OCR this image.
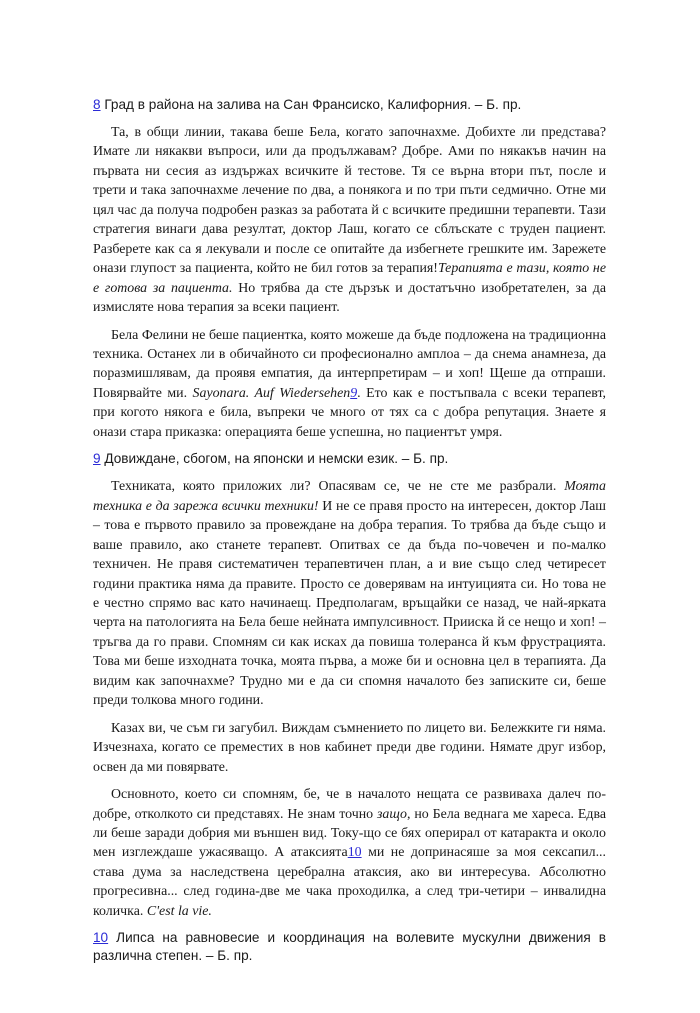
8 Град в района на залива на Сан Франсиско, Калифорния. – Б. пр.

Та, в общи линии, такава беше Бела, когато започнахме. Добихте ли представа? Имате ли някакви въпроси, или да продължавам? Добре. Ами по някакъв начин на първата ни сесия аз издържах всичките й тестове. Тя се върна втори път, после и трети и така започнахме лечение по два, а понякога и по три пъти седмично. Отне ми цял час да получа подробен разказ за работата й с всичките предишни терапевти. Тази стратегия винаги дава резултат, доктор Лаш, когато се сблъскате с труден пациент. Разберете как са я лекували и после се опитайте да избегнете грешките им. Зарежете онази глупост за пациента, който не бил готов за терапия!Терапията е тази, която не е готова за пациента. Но трябва да сте дързък и достатъчно изобретателен, за да измисляте нова терапия за всеки пациент.

Бела Фелини не беше пациентка, която можеше да бъде подложена на традиционна техника. Останех ли в обичайното си професионално амплоа – да снема анамнеза, да поразмишлявам, да проявя емпатия, да интерпретирам – и хоп! Щеше да отпраши. Повярвайте ми. Sayonara. Auf Wiedersehen9. Ето как е постъпвала с всеки терапевт, при когото някога е била, въпреки че много от тях са с добра репутация. Знаете я онази стара приказка: операцията беше успешна, но пациентът умря.

9 Довиждане, сбогом, на японски и немски език. – Б. пр.

Техниката, която приложих ли? Опасявам се, че не сте ме разбрали. Моята техника е да зарежа всички техники! И не се правя просто на интересен, доктор Лаш – това е първото правило за провеждане на добра терапия. То трябва да бъде също и ваше правило, ако станете терапевт. Опитвах се да бъда по-човечен и по-малко техничен. Не правя систематичен терапевтичен план, а и вие също след четиресет години практика няма да правите. Просто се доверявам на интуицията си. Но това не е честно спрямо вас като начинаещ. Предполагам, връщайки се назад, че най-ярката черта на патологията на Бела беше нейната импулсивност. Прииска й се нещо и хоп! – тръгва да го прави. Спомням си как исках да повиша толеранса й към фрустрацията. Това ми беше изходната точка, моята първа, а може би и основна цел в терапията. Да видим как започнахме? Трудно ми е да си спомня началото без записките си, беше преди толкова много години.

Казах ви, че съм ги загубил. Виждам съмнението по лицето ви. Бележките ги няма. Изчезнаха, когато се преместих в нов кабинет преди две години. Нямате друг избор, освен да ми повярвате.

Основното, което си спомням, бе, че в началото нещата се развиваха далеч по-добре, отколкото си представях. Не знам точно защо, но Бела веднага ме хареса. Едва ли беше заради добрия ми външен вид. Току-що се бях оперирал от катаракта и около мен изглеждаше ужасяващо. А атаксията10 ми не допринасяше за моя сексапил... става дума за наследствена церебрална атаксия, ако ви интересува. Абсолютно прогресивна... след година-две ме чака проходилка, а след три-четири – инвалидна количка. C'est la vie.

10 Липса на равновесие и координация на волевите мускулни движения в различна степен. – Б. пр.
